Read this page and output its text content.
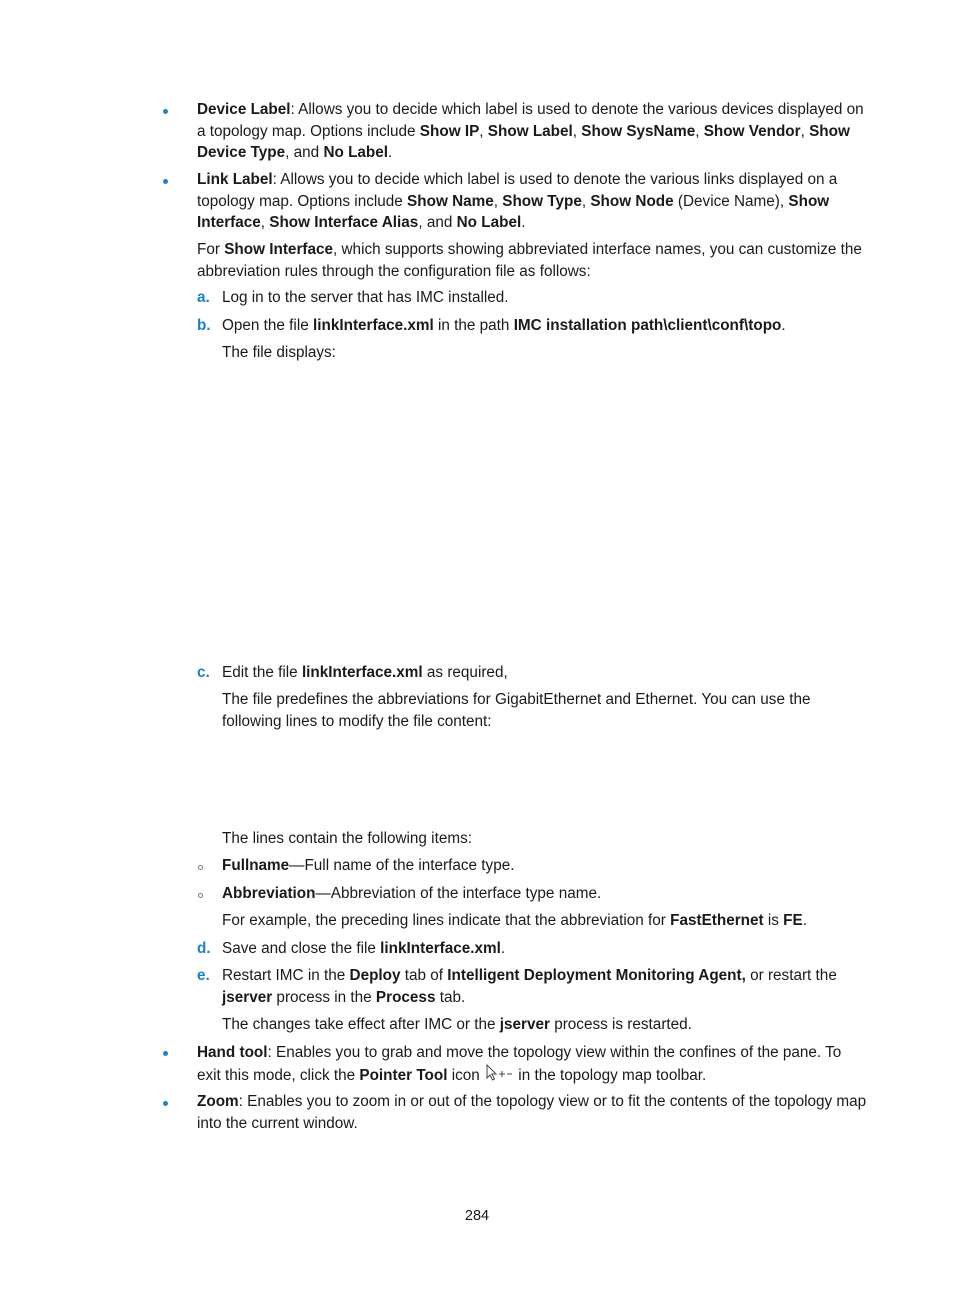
Device Label: Allows you to decide which label is used to denote the various devices displayed on a topology map. Options include Show IP, Show Label, Show SysName, Show Vendor, Show Device Type, and No Label.
Link Label: Allows you to decide which label is used to denote the various links displayed on a topology map. Options include Show Name, Show Type, Show Node (Device Name), Show Interface, Show Interface Alias, and No Label.
For Show Interface, which supports showing abbreviated interface names, you can customize the abbreviation rules through the configuration file as follows:
a. Log in to the server that has IMC installed.
b. Open the file linkInterface.xml in the path IMC installation path\client\conf\topo.
The file displays:
c. Edit the file linkInterface.xml as required,
The file predefines the abbreviations for GigabitEthernet and Ethernet. You can use the following lines to modify the file content:
The lines contain the following items:
Fullname—Full name of the interface type.
Abbreviation—Abbreviation of the interface type name.
For example, the preceding lines indicate that the abbreviation for FastEthernet is FE.
d. Save and close the file linkInterface.xml.
e. Restart IMC in the Deploy tab of Intelligent Deployment Monitoring Agent, or restart the jserver process in the Process tab.
The changes take effect after IMC or the jserver process is restarted.
Hand tool: Enables you to grab and move the topology view within the confines of the pane. To exit this mode, click the Pointer Tool icon  in the topology map toolbar.
Zoom: Enables you to zoom in or out of the topology view or to fit the contents of the topology map into the current window.
284
